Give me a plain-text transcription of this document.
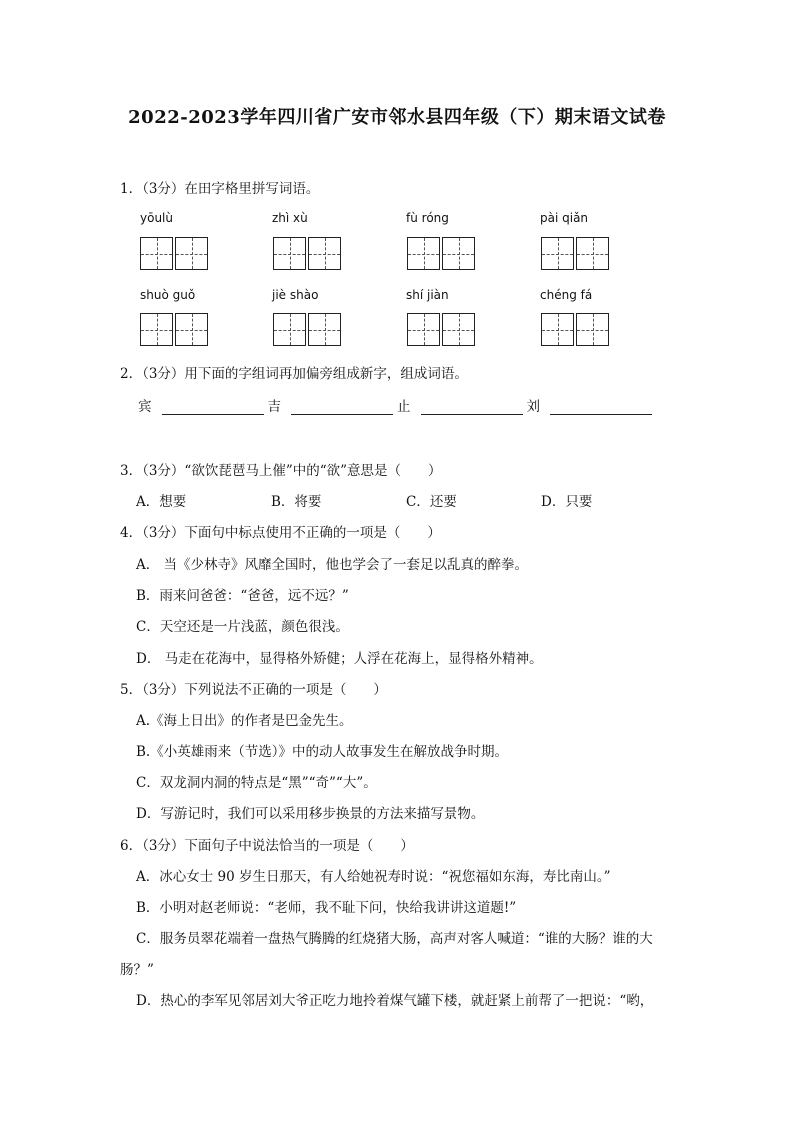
2022-2023学年四川省广安市邻水县四年级（下）期末语文试卷
1．（3分）在田字格里拼写词语。
yōulù	zhì xù	fù róng	pài qiǎn
shuò guǒ	jiè shào	shí jiàn	chéng fá
2．（3分）用下面的字组词再加偏旁组成新字，组成词语。
宾	吉	止	刘
3．（3分）“欲饮琵琶马上催”中的“欲”意思是（　　）
A．想要	B．将要	C．还要	D．只要
4．（3分）下面句中标点使用不正确的一项是（　　）
A． 当《少林寺》风靡全国时，他也学会了一套足以乱真的醉拳。
B．雨来问爸爸：“爸爸，远不远？”
C．天空还是一片浅蓝，颜色很浅。
D． 马走在花海中，显得格外矫健；人浮在花海上，显得格外精神。
5．（3分）下列说法不正确的一项是（　　）
A.《海上日出》的作者是巴金先生。
B.《小英雄雨来（节选）》中的动人故事发生在解放战争时期。
C．双龙洞内洞的特点是“黑”“奇”“大”。
D．写游记时，我们可以采用移步换景的方法来描写景物。
6．（3分）下面句子中说法恰当的一项是（　　）
A．冰心女士 90 岁生日那天，有人给她祝寿时说：“祝您福如东海，寿比南山。”
B．小明对赵老师说：“老师，我不耻下问，快给我讲讲这道题!”
C．服务员翠花端着一盘热气腾腾的红烧猪大肠，高声对客人喊道：“谁的大肠？谁的大
肠？”
D．热心的李军见邻居刘大爷正吃力地拎着煤气罐下楼，就赶紧上前帮了一把说：“哟，
